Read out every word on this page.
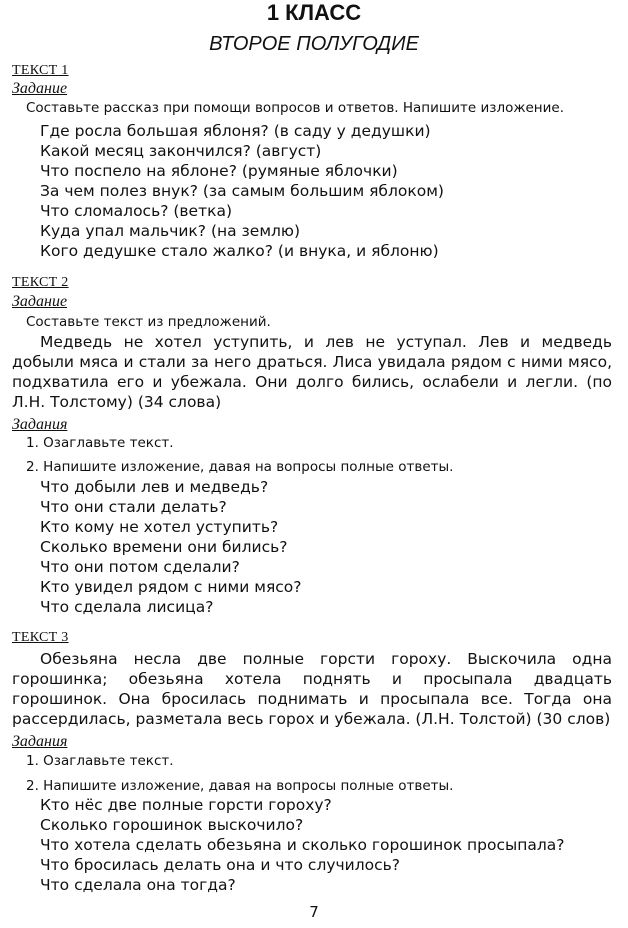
1 КЛАСС
ВТОРОЕ ПОЛУГОДИЕ
ТЕКСТ 1
Задание
Составьте рассказ при помощи вопросов и ответов. Напишите изложение.
Где росла большая яблоня? (в саду у дедушки)
Какой месяц закончился? (август)
Что поспело на яблоне? (румяные яблочки)
За чем полез внук? (за самым большим яблоком)
Что сломалось? (ветка)
Куда упал мальчик? (на землю)
Кого дедушке стало жалко? (и внука, и яблоню)
ТЕКСТ 2
Задание
Составьте текст из предложений.

Медведь не хотел уступить, и лев не уступал. Лев и медведь добыли мяса и стали за него драться. Лиса увидала рядом с ними мясо, подхватила его и убежала. Они долго бились, ослабели и легли. (по Л.Н. Толстому) (34 слова)

Задания
1. Озаглавьте текст.
2. Напишите изложение, давая на вопросы полные ответы.
Что добыли лев и медведь?
Что они стали делать?
Кто кому не хотел уступить?
Сколько времени они бились?
Что они потом сделали?
Кто увидел рядом с ними мясо?
Что сделала лисица?
ТЕКСТ 3

Обезьяна несла две полные горсти гороху. Выскочила одна горошинка; обезьяна хотела поднять и просыпала двадцать горошинок. Она бросилась поднимать и просыпала все. Тогда она рассердилась, разметала весь горох и убежала. (Л.Н. Толстой) (30 слов)

Задания
1. Озаглавьте текст.
2. Напишите изложение, давая на вопросы полные ответы.
Кто нёс две полные горсти гороху?
Сколько горошинок выскочило?
Что хотела сделать обезьяна и сколько горошинок просыпала?
Что бросилась делать она и что случилось?
Что сделала она тогда?
7
